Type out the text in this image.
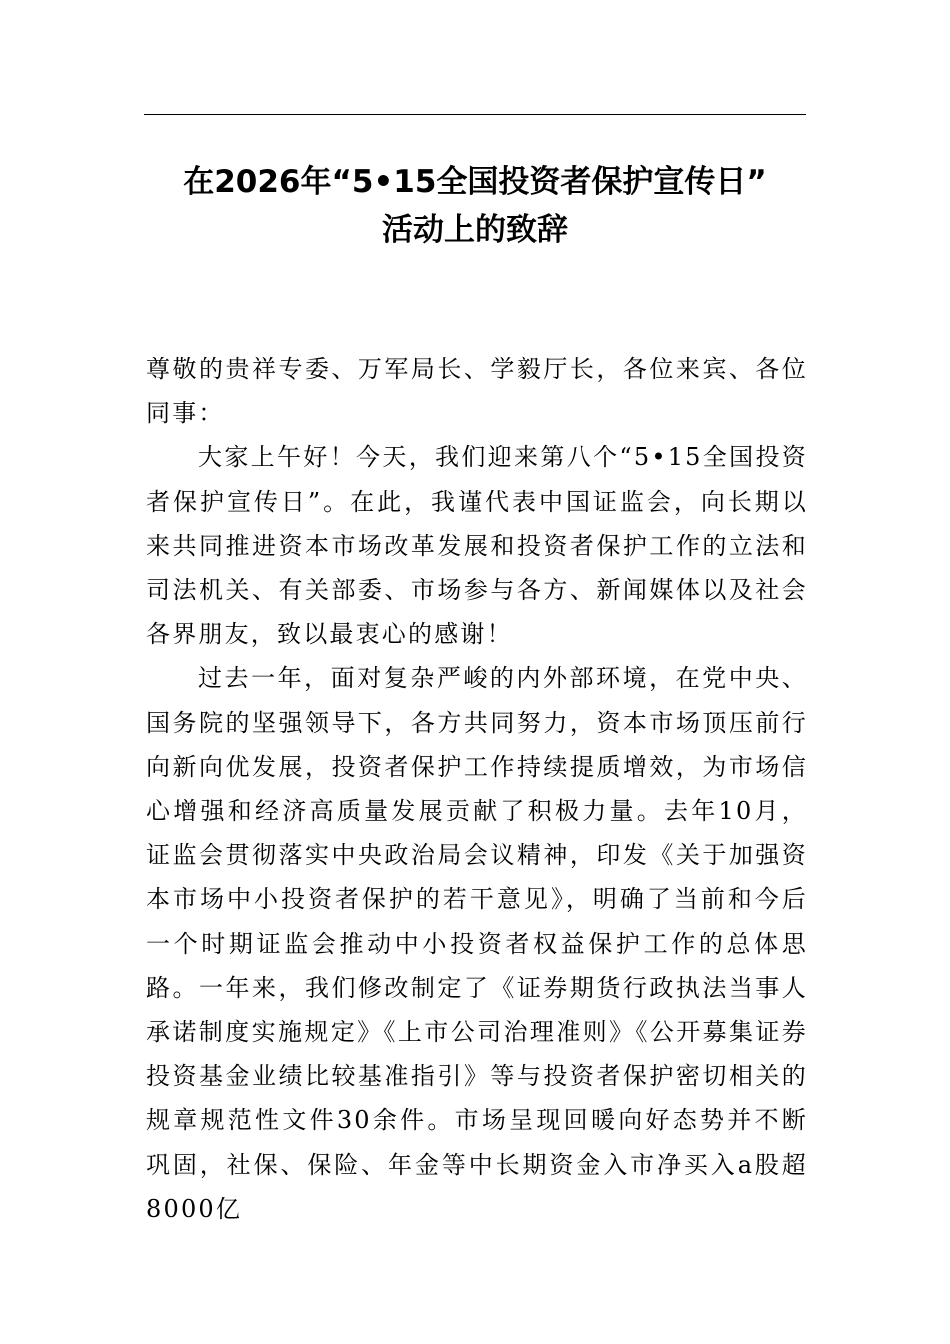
在2026年“5•15全国投资者保护宣传日”
活动上的致辞

尊敬的贵祥专委、万军局长、学毅厅长，各位来宾、各位同事：

大家上午好！今天，我们迎来第八个“5•15全国投资者保护宣传日”。在此，我谨代表中国证监会，向长期以来共同推进资本市场改革发展和投资者保护工作的立法和司法机关、有关部委、市场参与各方、新闻媒体以及社会各界朋友，致以最衷心的感谢！

过去一年，面对复杂严峻的内外部环境，在党中央、国务院的坚强领导下，各方共同努力，资本市场顶压前行向新向优发展，投资者保护工作持续提质增效，为市场信心增强和经济高质量发展贡献了积极力量。去年10月，证监会贯彻落实中央政治局会议精神，印发《关于加强资本市场中小投资者保护的若干意见》，明确了当前和今后一个时期证监会推动中小投资者权益保护工作的总体思路。一年来，我们修改制定了《证券期货行政执法当事人承诺制度实施规定》《上市公司治理准则》《公开募集证券投资基金业绩比较基准指引》等与投资者保护密切相关的规章规范性文件30余件。市场呈现回暖向好态势并不断巩固，社保、保险、年金等中长期资金入市净买入a股超8000亿
